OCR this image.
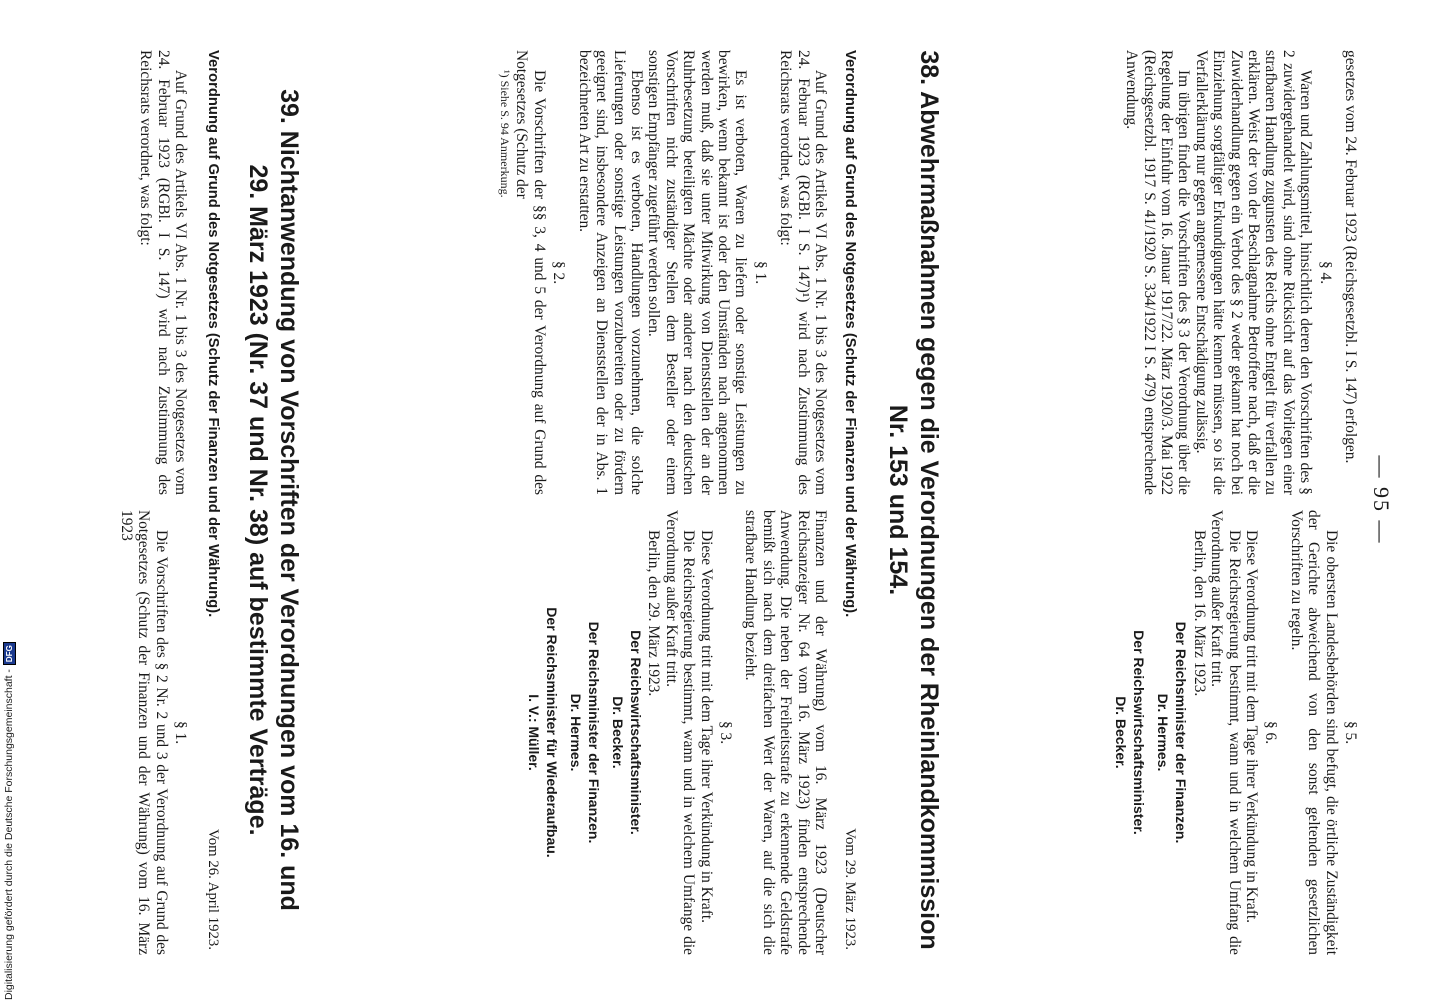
— 95 —

gesetzes vom 24. Februar 1923 (Reichsgesetzbl. I S. 147) erfolgen.

§ 4.

Waren und Zahlungsmittel, hinsichtlich deren den Vorschriften des § 2 zuwidergehandelt wird, sind ohne Rücksicht auf das Vorliegen einer strafbaren Handlung zugunsten des Reichs ohne Entgelt für verfallen zu erklären. Weist der von der Beschlagnahme Betroffene nach, daß er die Zuwiderhandlung gegen ein Verbot des § 2 weder gekannt hat noch bei Einziehung sorgfältiger Erkundigungen hätte kennen müssen, so ist die Verfallerklärung nur gegen angemessene Entschädigung zulässig.

Im übrigen finden die Vorschriften des § 3 der Verordnung über die Regelung der Einfuhr vom 16. Januar 1917/22. März 1920/3. Mai 1922 (Reichsgesetzbl. 1917 S. 41/1920 S. 334/1922 I S. 479) entsprechende Anwendung.

§ 5.

Die obersten Landesbehörden sind befugt, die örtliche Zuständigkeit der Gerichte abweichend von den sonst geltenden gesetzlichen Vorschriften zu regeln.

§ 6.

Diese Verordnung tritt mit dem Tage ihrer Verkündung in Kraft.

Die Reichsregierung bestimmt, wann und in welchem Umfang die Verordnung außer Kraft tritt.

Berlin, den 16. März 1923.

Der Reichsminister der Finanzen.
Dr. Hermes.
Der Reichswirtschaftsminister.
Dr. Becker.
38. Abwehrmaßnahmen gegen die Verordnungen der Rheinlandkommission
Nr. 153 und 154.
Verordnung auf Grund des Notgesetzes (Schutz der Finanzen und der Währung).
Vom 29. März 1923.

Auf Grund des Artikels VI Abs. 1 Nr. 1 bis 3 des Notgesetzes vom 24. Februar 1923 (RGBl. I S. 147)¹) wird nach Zustimmung des Reichsrats verordnet, was folgt:

§ 1.

Es ist verboten, Waren zu liefern oder sonstige Leistungen zu bewirken, wenn bekannt ist oder den Umständen nach angenommen werden muß, daß sie unter Mitwirkung von Dienststellen der an der Ruhrbesetzung beteiligten Mächte oder anderer nach den deutschen Vorschriften nicht zuständiger Stellen dem Besteller oder einem sonstigen Empfänger zugeführt werden sollen.

Ebenso ist es verboten, Handlungen vorzunehmen, die solche Lieferungen oder sonstige Leistungen vorzubereiten oder zu fördern geeignet sind, insbesondere Anzeigen an Dienststellen der in Abs. 1 bezeichneten Art zu erstatten.

§ 2.

Die Vorschriften der §§ 3, 4 und 5 der Verordnung auf Grund des Notgesetzes (Schutz der

¹) Siehe S. 94 Anmerkung.

Finanzen und der Währung) vom 16. März 1923 (Deutscher Reichsanzeiger Nr. 64 vom 16. März 1923) finden entsprechende Anwendung. Die neben der Freiheitsstrafe zu erkennende Geldstrafe bemißt sich nach dem dreifachen Wert der Waren, auf die sich die strafbare Handlung bezieht.

§ 3.

Diese Verordnung tritt mit dem Tage ihrer Verkündung in Kraft.

Die Reichsregierung bestimmt, wann und in welchem Umfange die Verordnung außer Kraft tritt.

Berlin, den 29. März 1923.

Der Reichswirtschaftsminister.
Dr. Becker.
Der Reichsminister der Finanzen.
Dr. Hermes.
Der Reichsminister für Wiederaufbau.
I. V.: Müller.
39. Nichtanwendung von Vorschriften der Verordnungen vom 16. und
29. März 1923 (Nr. 37 und Nr. 38) auf bestimmte Verträge.
Verordnung auf Grund des Notgesetzes (Schutz der Finanzen und der Währung).
Vom 26. April 1923.

Auf Grund des Artikels VI Abs. 1 Nr. 1 bis 3 des Notgesetzes vom 24. Februar 1923 (RGBl. I S. 147) wird nach Zustimmung des Reichsrats verordnet, was folgt:

§ 1.

Die Vorschriften des § 2 Nr. 2 und 3 der Verordnung auf Grund des Notgesetzes (Schutz der Finanzen und der Währung) vom 16. März 1923

Digitalisierung gefördert durch die Deutsche Forschungsgemeinschaft -
DFG
